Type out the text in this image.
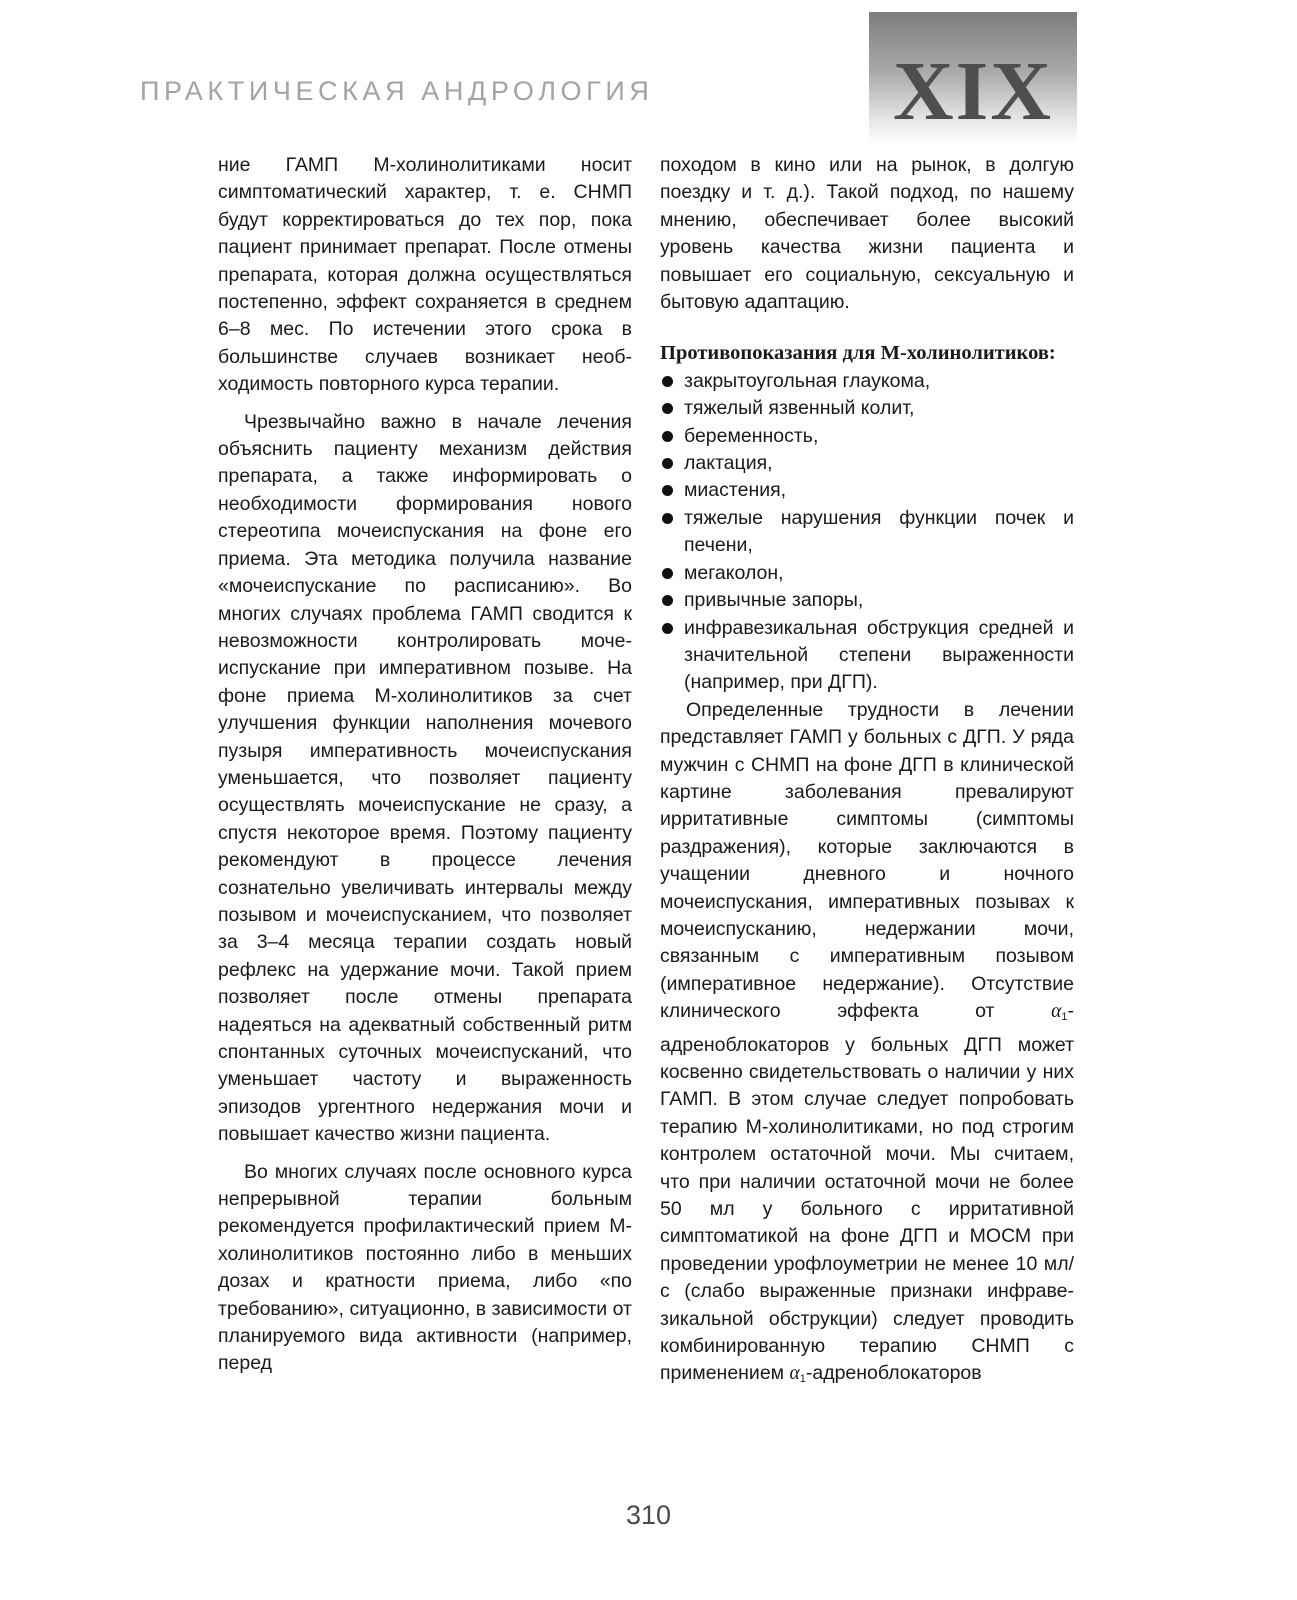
ПРАКТИЧЕСКАЯ АНДРОЛОГИЯ	XIX

ние ГАМП М-холинолитиками носит симптоматический характер, т. е. СНМП будут корректироваться до тех пор, пока пациент принимает препарат. После отмены препарата, которая должна осуществляться постепенно, эффект сохраняется в среднем 6–8 мес. По истечении этого срока в большинстве случаев возникает необходимость повторного курса терапии.

Чрезвычайно важно в начале лечения объяснить пациенту механизм действия препарата, а также информировать о необходимости формирования нового стереотипа мочеиспускания на фоне его приема. Эта методика получила название «мочеиспускание по расписанию». Во многих случаях проблема ГАМП сводится к невозможности контролировать мочеиспускание при императивном позыве. На фоне приема М-холинолитиков за счет улучшения функции наполнения мочевого пузыря императивность мочеиспускания уменьшается, что позволяет пациенту осуществлять мочеиспускание не сразу, а спустя некоторое время. Поэтому пациенту рекомендуют в процессе лечения сознательно увеличивать интервалы между позывом и мочеиспусканием, что позволяет за 3–4 месяца терапии создать новый рефлекс на удержание мочи. Такой прием позволяет после отмены препарата надеяться на адекватный собственный ритм спонтанных суточных мочеиспусканий, что уменьшает частоту и выраженность эпизодов ургентного недержания мочи и повышает качество жизни пациента.

Во многих случаях после основного курса непрерывной терапии больным рекомендуется профилактический прием М-холинолитиков постоянно либо в меньших дозах и кратности приема, либо «по требованию», ситуационно, в зависимости от планируемого вида активности (например, перед

походом в кино или на рынок, в долгую поездку и т. д.). Такой подход, по нашему мнению, обеспечивает более высокий уровень качества жизни пациента и повышает его социальную, сексуальную и бытовую адаптацию.

Противопоказания для М-холинолитиков:
закрытоугольная глаукома,
тяжелый язвенный колит,
беременность,
лактация,
миастения,
тяжелые нарушения функции почек и печени,
мегаколон,
привычные запоры,
инфравезикальная обструкция средней и значительной степени выраженности (например, при ДГП).

Определенные трудности в лечении представляет ГАМП у больных с ДГП. У ряда мужчин с СНМП на фоне ДГП в клинической картине заболевания превалируют ирритативные симптомы (симптомы раздражения), которые заключаются в учащении дневного и ночного мочеиспускания, императивных позывах к мочеиспусканию, недержании мочи, связанным с императивным позывом (императивное недержание). Отсутствие клинического эффекта от $\alpha_1$-адреноблокаторов у больных ДГП может косвенно свидетельствовать о наличии у них ГАМП. В этом случае следует попробовать терапию М-холинолитиками, но под строгим контролем остаточной мочи. Мы считаем, что при наличии остаточной мочи не более 50 мл у больного с ирритативной симптоматикой на фоне ДГП и МОСМ при проведении урофлоуметрии не менее 10 мл/с (слабо выраженные признаки инфравезикальной обструкции) следует проводить комбинированную терапию СНМП с применением $\alpha_1$-адреноблокаторов

310
